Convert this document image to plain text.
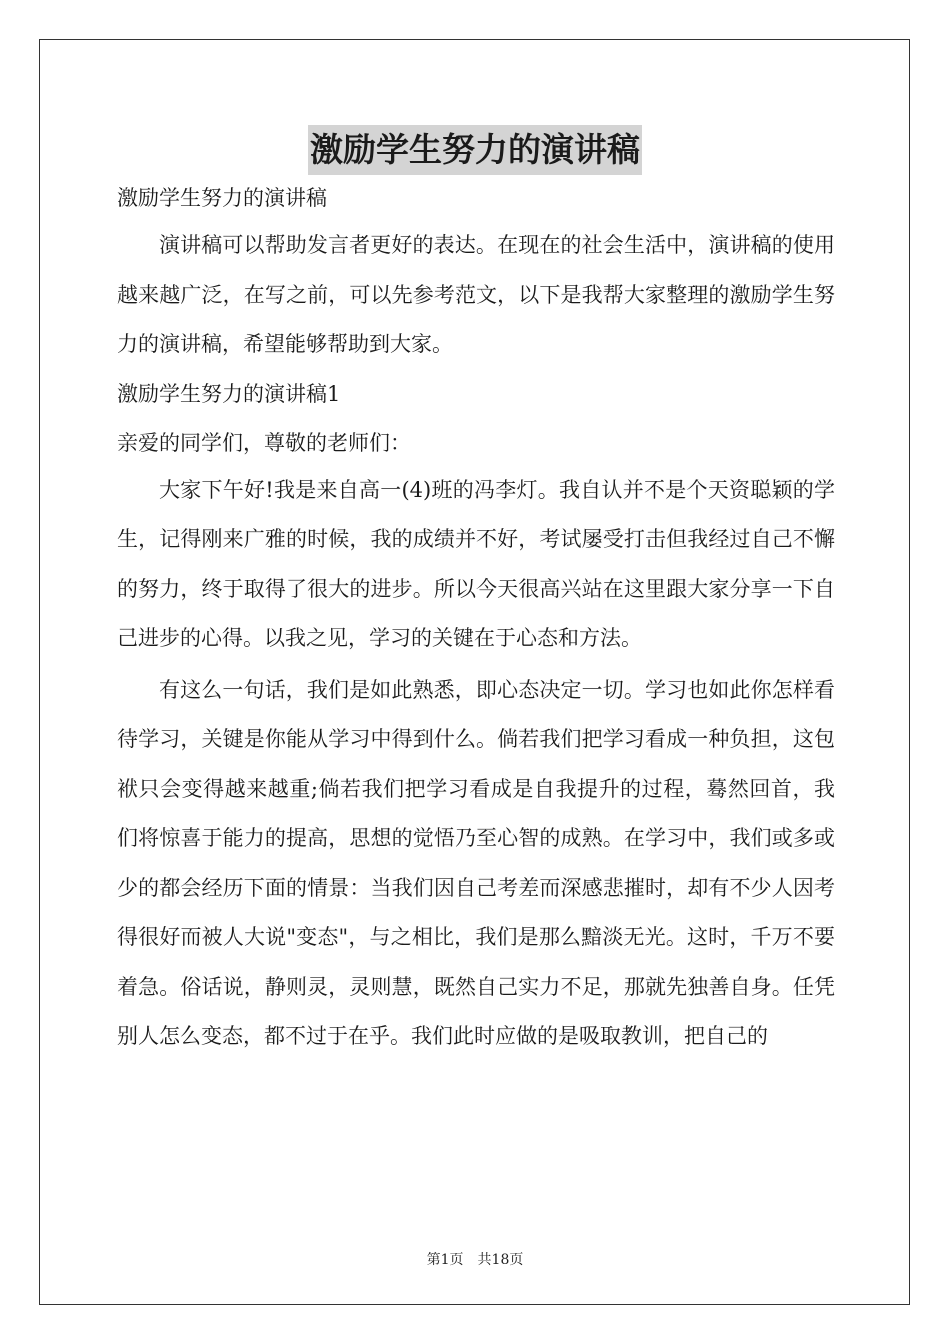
激励学生努力的演讲稿

激励学生努力的演讲稿

演讲稿可以帮助发言者更好的表达。在现在的社会生活中，演讲稿的使用越来越广泛，在写之前，可以先参考范文，以下是我帮大家整理的激励学生努力的演讲稿，希望能够帮助到大家。

激励学生努力的演讲稿1

亲爱的同学们，尊敬的老师们：

大家下午好!我是来自高一(4)班的冯李灯。我自认并不是个天资聪颖的学生，记得刚来广雅的时候，我的成绩并不好，考试屡受打击但我经过自己不懈的努力，终于取得了很大的进步。所以今天很高兴站在这里跟大家分享一下自己进步的心得。以我之见，学习的关键在于心态和方法。

有这么一句话，我们是如此熟悉，即心态决定一切。学习也如此你怎样看待学习，关键是你能从学习中得到什么。倘若我们把学习看成一种负担，这包袱只会变得越来越重;倘若我们把学习看成是自我提升的过程，蓦然回首，我们将惊喜于能力的提高，思想的觉悟乃至心智的成熟。在学习中，我们或多或少的都会经历下面的情景：当我们因自己考差而深感悲摧时，却有不少人因考得很好而被人大说"变态"，与之相比，我们是那么黯淡无光。这时，千万不要着急。俗话说，静则灵，灵则慧，既然自己实力不足，那就先独善自身。任凭别人怎么变态，都不过于在乎。我们此时应做的是吸取教训，把自己的

第1页　共18页
